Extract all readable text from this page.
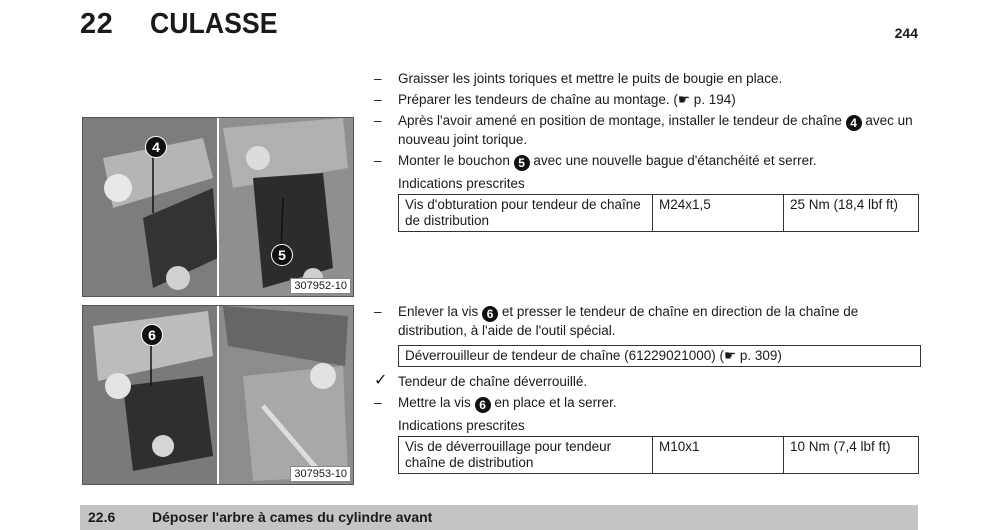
22 CULASSE	244
4
5
307952-10
6
307953-10
– Graisser les joints toriques et mettre le puits de bougie en place.
– Préparer les tendeurs de chaîne au montage. (☛ p. 194)
– Après l'avoir amené en position de montage, installer le tendeur de chaîne 4 avec un nouveau joint torique.
– Monter le bouchon 5 avec une nouvelle bague d'étanchéité et serrer.
Indications prescrites
Vis d'obturation pour tendeur de chaîne de distribution	M24x1,5	25 Nm (18,4 lbf ft)
– Enlever la vis 6 et presser le tendeur de chaîne en direction de la chaîne de distribution, à l'aide de l'outil spécial.
Déverrouilleur de tendeur de chaîne (61229021000) (☛ p. 309)
✓ Tendeur de chaîne déverrouillé.
– Mettre la vis 6 en place et la serrer.
Indications prescrites
Vis de déverrouillage pour tendeur chaîne de distribution	M10x1	10 Nm (7,4 lbf ft)
22.6	Déposer l'arbre à cames du cylindre avant
